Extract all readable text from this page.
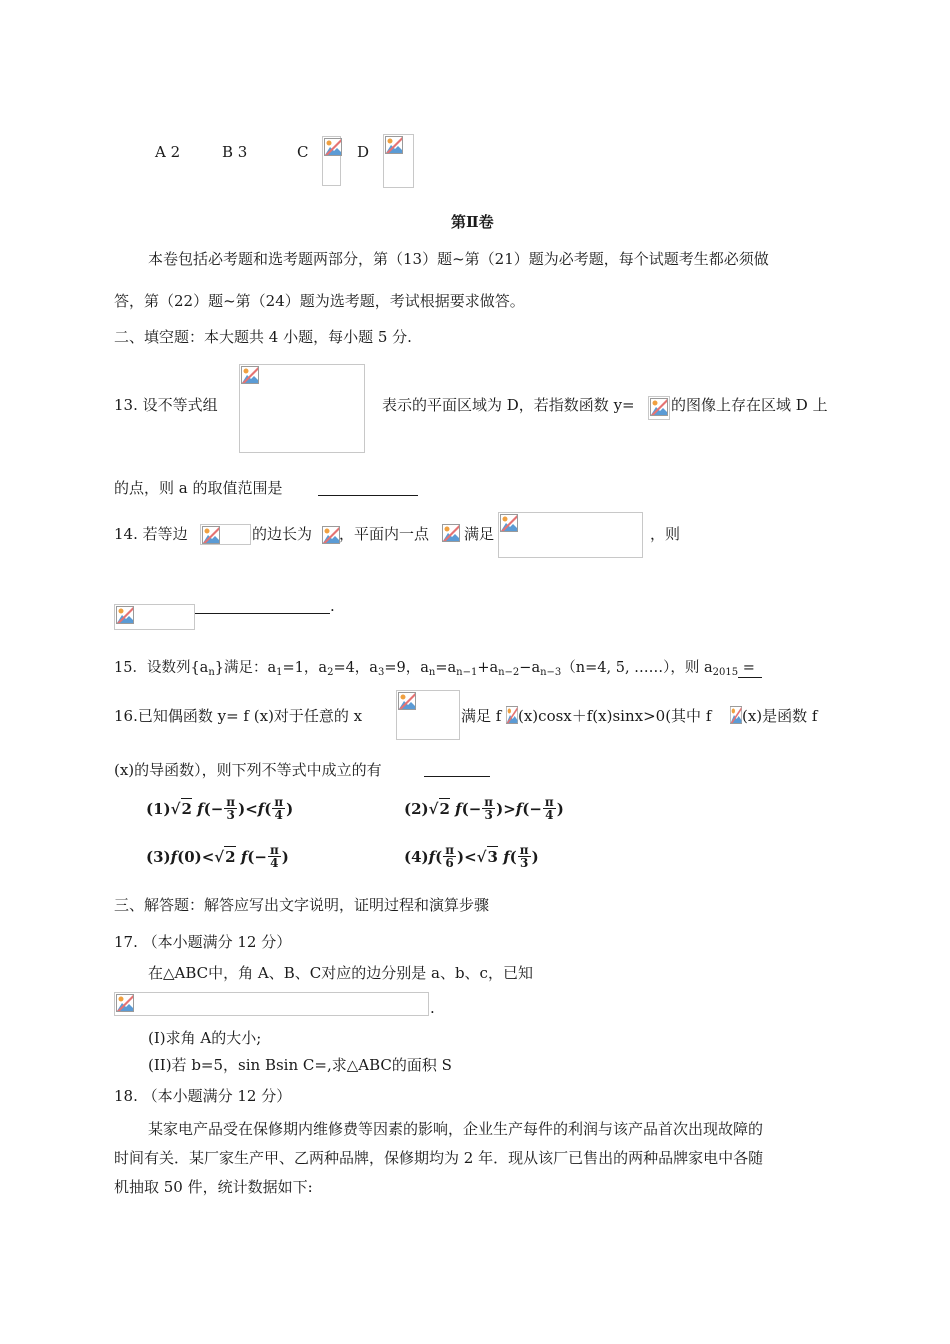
A 2	B 3	C	D
第Ⅱ卷
本卷包括必考题和选考题两部分，第（13）题~第（21）题为必考题，每个试题考生都必须做
答，第（22）题~第（24）题为选考题，考试根据要求做答。
二、填空题：本大题共 4 小题，每小题 5 分.
13. 设不等式组	表示的平面区域为 D，若指数函数 y= 的图像上存在区域 D 上
的点，则 a 的取值范围是
14. 若等边	的边长为 ，平面内一点 满足	，则
.
15．设数列$\{a_n\}$满足：$a_1=1$，$a_2=4$，$a_3=9$，$a_n=a_{n-1}+a_{n-2}-a_{n-3}(n=4$, 5, ……），则 $a_{2015}$ =
16.已知偶函数 y= f (x)对于任意的 x	满足 f (x)cosx＋f(x)sinx>0(其中 f (x)是函数 f
(x)的导函数），则下列不等式中成立的有
(1)√ 2 $f(- \frac{\pi}{3} )<f( \frac{\pi}{4}$ )	(2)√ 2 $f(- \frac{\pi}{3} )>f(- \frac{\pi}{4}$ )
(3)f(0)<√ 2 $f(- \frac{\pi}{4}$ )	$(4)f( \frac{\pi}{6}$ )<√ 3 $f( \frac{\pi}{3}$ )
三、解答题：解答应写出文字说明，证明过程和演算步骤
17. （本小题满分 12 分）
在△ABC中，角 A、B、C对应的边分别是 a、b、c，已知
.
(I)求角 A的大小;
(II)若 b=5，sin Bsin C=,求△ABC的面积 S
18. （本小题满分 12 分）
某家电产品受在保修期内维修费等因素的影响，企业生产每件的利润与该产品首次出现故障的
时间有关．某厂家生产甲、乙两种品牌，保修期均为 2 年．现从该厂已售出的两种品牌家电中各随
机抽取 50 件，统计数据如下:
